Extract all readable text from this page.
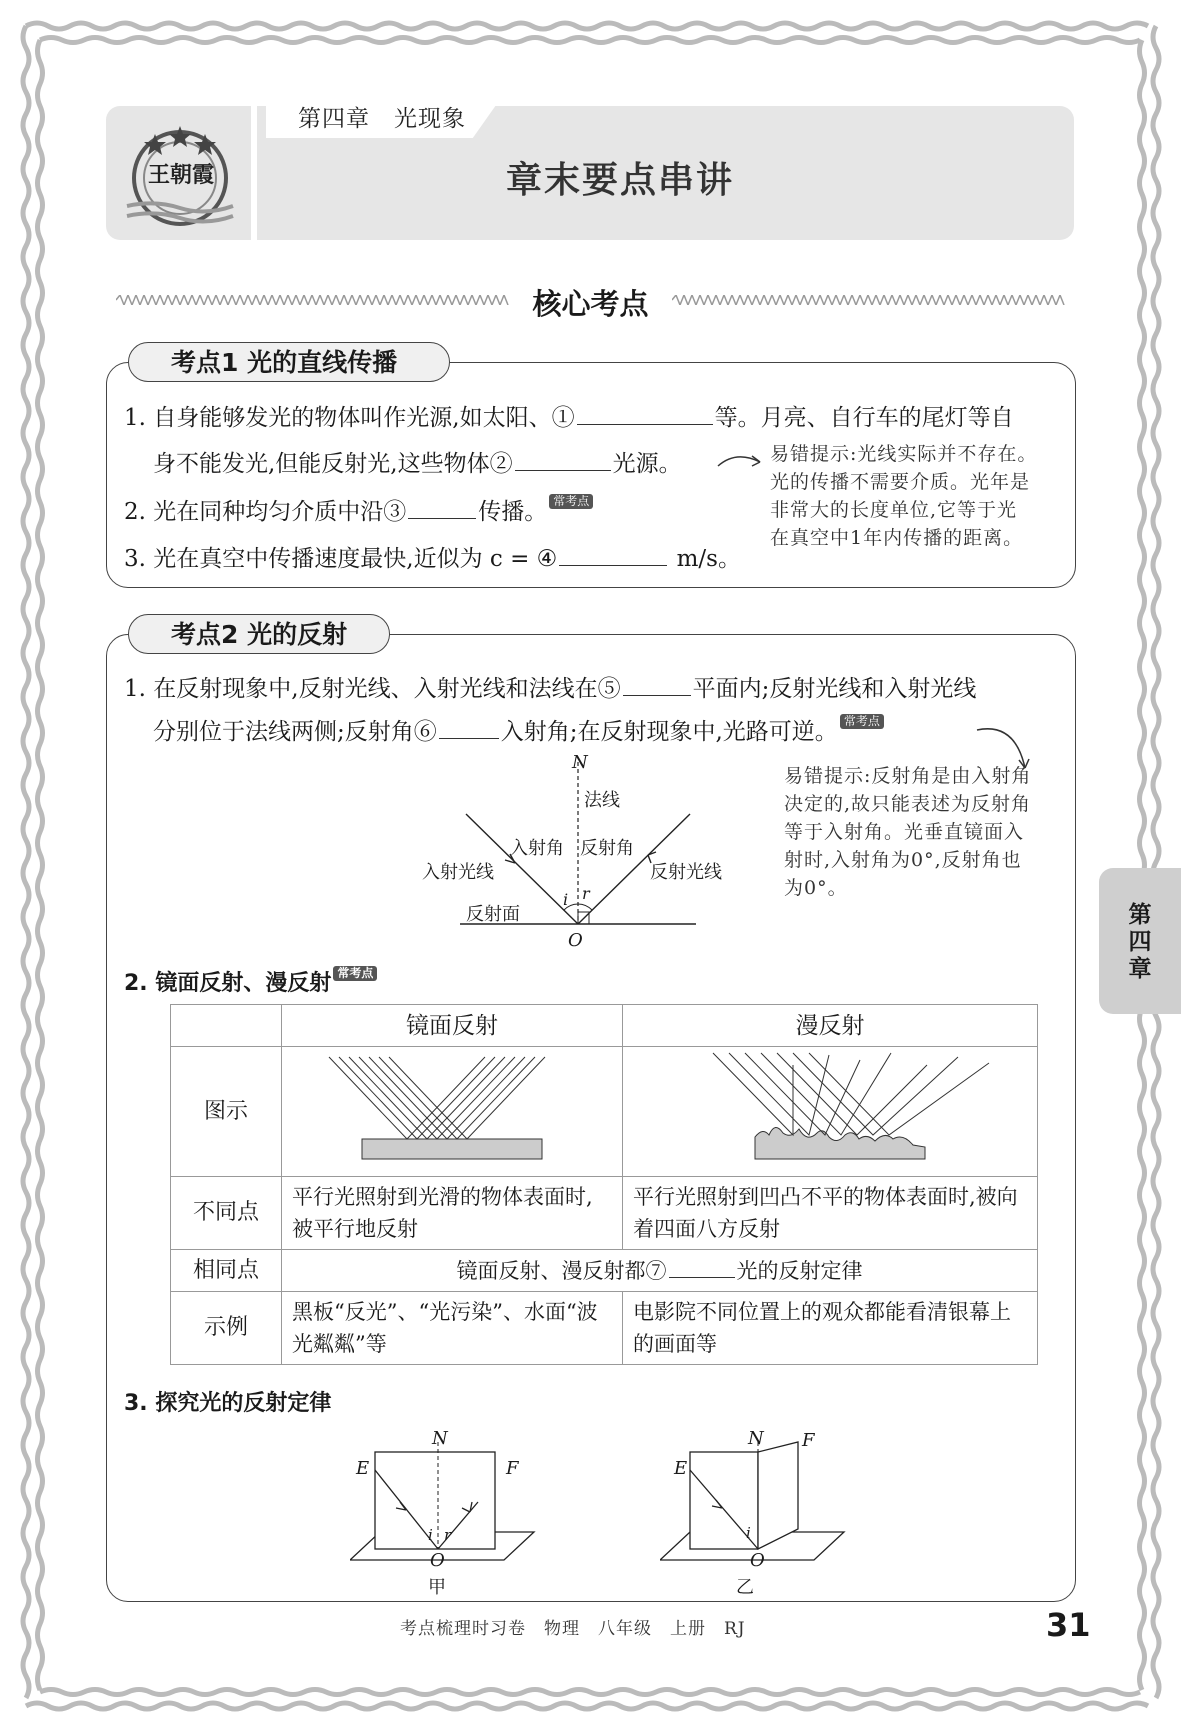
王朝霞
第四章　光现象
章末要点串讲
核心考点
考点1 光的直线传播
1. 自身能够发光的物体叫作光源,如太阳、①	等。月亮、自行车的尾灯等自
身不能发光,但能反射光,这些物体②	光源。
2. 光在同种均匀介质中沿③	传播。 常考点
3. 光在真空中传播速度最快,近似为 c = ④	m/s。
易错提示:光线实际并不存在。
光的传播不需要介质。光年是
非常大的长度单位,它等于光
在真空中1年内传播的距离。
考点2 光的反射
1. 在反射现象中,反射光线、入射光线和法线在⑤	平面内;反射光线和入射光线
分别位于法线两侧;反射角⑥	入射角;在反射现象中,光路可逆。 常考点
易错提示:反射角是由入射角
决定的,故只能表述为反射角
等于入射角。光垂直镜面入
射时,入射角为0°,反射角也
为0°。
N
法线
入射角 反射角
入射光线	反射光线
反射面
i r
O
2. 镜面反射、漫反射 常考点
	镜面反射	漫反射
图示		
不同点	平行光照射到光滑的物体表面时,被平行地反射	平行光照射到凹凸不平的物体表面时,被向着四面八方反射
相同点	镜面反射、漫反射都⑦ 光的反射定律	
示例	黑板“反光”、“光污染”、水面“波光粼粼”等	电影院不同位置上的观众都能看清银幕上的画面等
3. 探究光的反射定律
N
E	F
i r
O
甲
N F
E
i
O
乙
第
四
章
考点梳理时习卷　物理　八年级　上册　RJ	31
